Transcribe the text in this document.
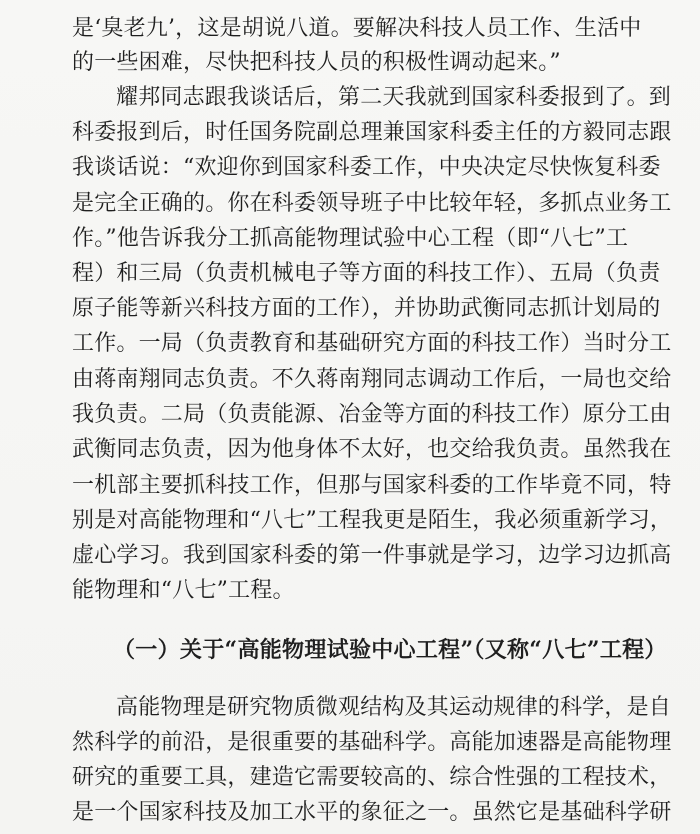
是‘臭老九’，这是胡说八道。要解决科技人员工作、生活中
的一些困难，尽快把科技人员的积极性调动起来。”
耀邦同志跟我谈话后，第二天我就到国家科委报到了。到
科委报到后，时任国务院副总理兼国家科委主任的方毅同志跟
我谈话说：“欢迎你到国家科委工作，中央决定尽快恢复科委
是完全正确的。你在科委领导班子中比较年轻，多抓点业务工
作。”他告诉我分工抓高能物理试验中心工程（即“八七”工
程）和三局（负责机械电子等方面的科技工作）、五局（负责
原子能等新兴科技方面的工作），并协助武衡同志抓计划局的
工作。一局（负责教育和基础研究方面的科技工作）当时分工
由蒋南翔同志负责。不久蒋南翔同志调动工作后，一局也交给
我负责。二局（负责能源、冶金等方面的科技工作）原分工由
武衡同志负责，因为他身体不太好，也交给我负责。虽然我在
一机部主要抓科技工作，但那与国家科委的工作毕竟不同，特
别是对高能物理和“八七”工程我更是陌生，我必须重新学习，
虚心学习。我到国家科委的第一件事就是学习，边学习边抓高
能物理和“八七”工程。
（一）关于“高能物理试验中心工程”（又称“八七”工程）
高能物理是研究物质微观结构及其运动规律的科学，是自
然科学的前沿，是很重要的基础科学。高能加速器是高能物理
研究的重要工具，建造它需要较高的、综合性强的工程技术，
是一个国家科技及加工水平的象征之一。虽然它是基础科学研
